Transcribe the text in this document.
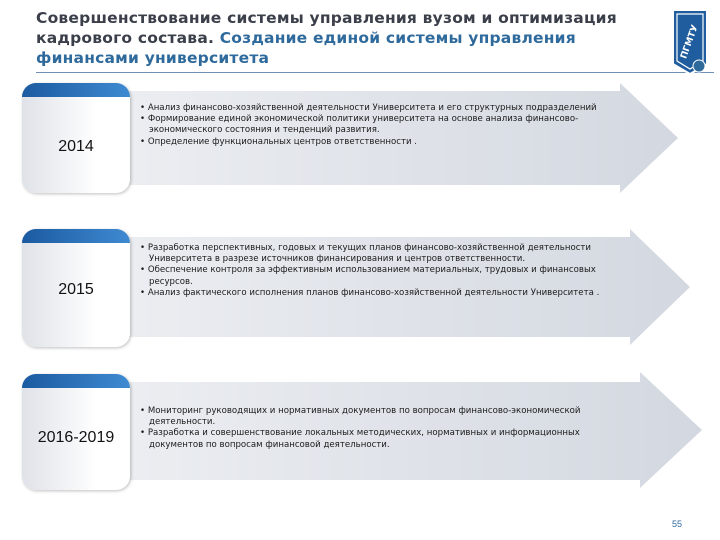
Совершенствование системы управления вузом и оптимизация кадрового состава. Создание единой системы управления финансами университета	ПГМТУ
2014

• Анализ финансово-хозяйственной деятельности Университета и его структурных подразделений

• Формирование единой экономической политики университета на основе анализа финансово-экономического состояния и тенденций развития.

• Определение функциональных центров ответственности .

2015

• Разработка перспективных, годовых и текущих планов финансово-хозяйственной деятельности Университета в разрезе источников финансирования и центров ответственности.

• Обеспечение контроля за эффективным использованием материальных, трудовых и финансовых ресурсов.

• Анализ фактического исполнения планов финансово-хозяйственной деятельности Университета .

2016-2019

• Мониторинг руководящих и нормативных документов по вопросам финансово-экономической деятельности.

• Разработка и совершенствование локальных методических, нормативных и информационных документов по вопросам финансовой деятельности.

55
